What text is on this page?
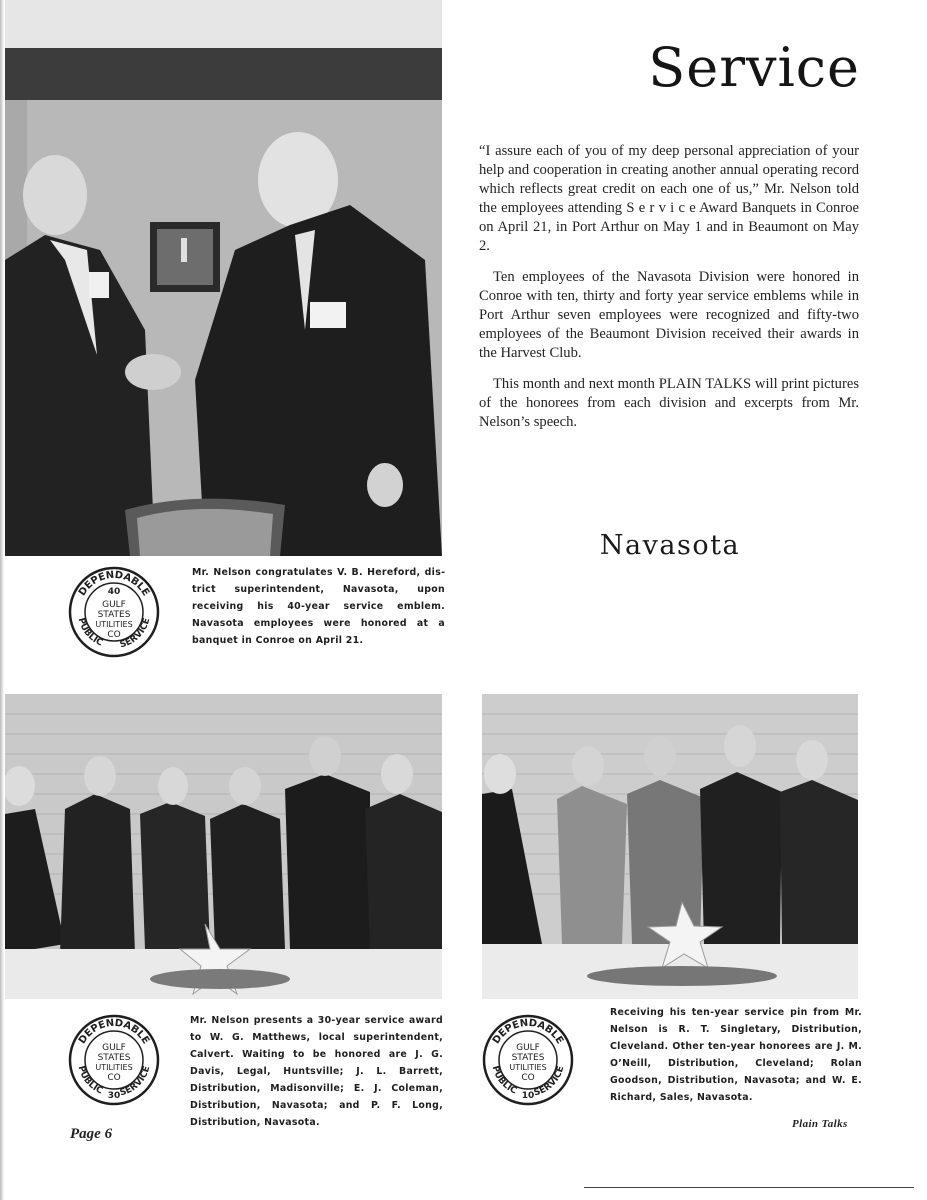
Service

“I assure each of you of my deep personal appreciation of your help and cooperation in creating another annual operating record which reflects great credit on each one of us,” Mr. Nelson told the employees attending S e r v i c e Award Banquets in Conroe on April 21, in Port Arthur on May 1 and in Beaumont on May 2.

Ten employees of the Navasota Division were honored in Conroe with ten, thirty and forty year service emblems while in Port Arthur seven employees were recognized and fifty-two employees of the Beaumont Division received their awards in the Harvest Club.

This month and next month PLAIN TALKS will print pictures of the honorees from each division and excerpts from Mr. Nelson’s speech.

Navasota
DEPENDABLE
PUBLIC SERVICE
40
GULF
STATES
UTILITIES
CO
Mr. Nelson congratulates V. B. Hereford, district superintendent, Navasota, upon receiving his 40-year service emblem. Navasota employees were honored at a banquet in Conroe on April 21.
DEPENDABLE
PUBLIC SERVICE
GULF
STATES
UTILITIES
CO
30
Mr. Nelson presents a 30-year service award to W. G. Matthews, local superintendent, Calvert. Waiting to be honored are J. G. Davis, Legal, Huntsville; J. L. Barrett, Distribution, Madisonville; E. J. Coleman, Distribution, Navasota; and P. F. Long, Distribution, Navasota.
DEPENDABLE
PUBLIC SERVICE
GULF
STATES
UTILITIES
CO
10
Receiving his ten-year service pin from Mr. Nelson is R. T. Singletary, Distribution, Cleveland. Other ten-year honorees are J. M. O’Neill, Distribution, Cleveland; Rolan Goodson, Distribution, Navasota; and W. E. Richard, Sales, Navasota.
Page 6
Plain Talks
